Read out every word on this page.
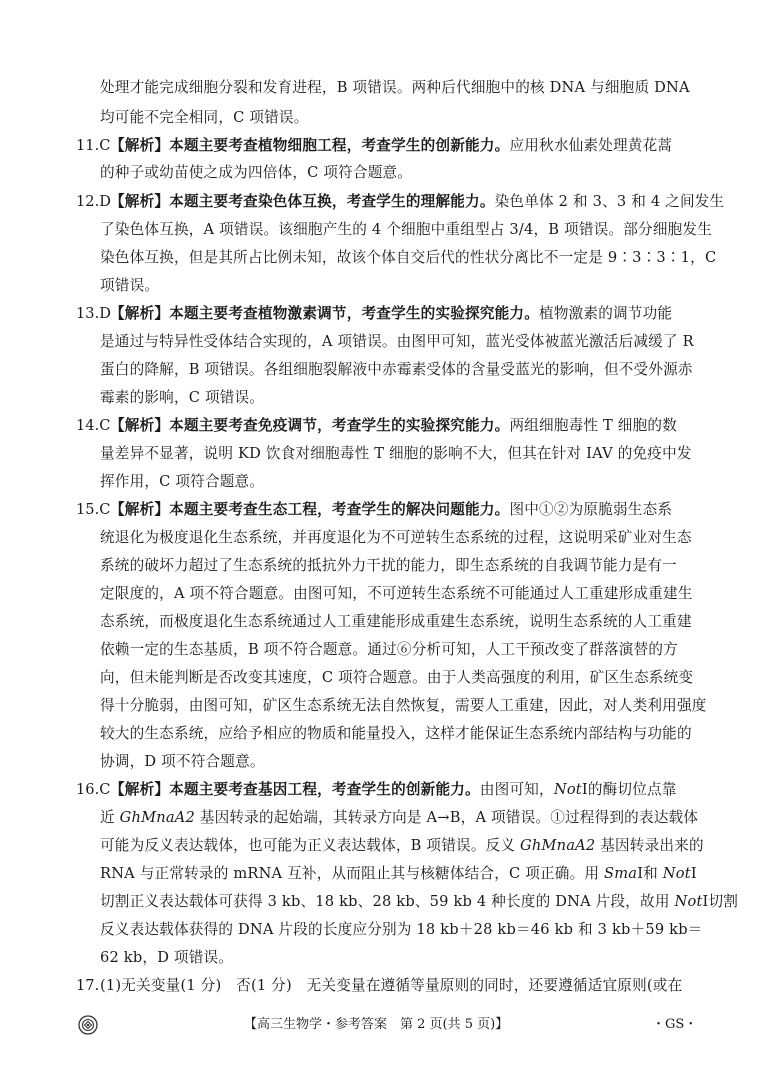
处理才能完成细胞分裂和发育进程，B 项错误。两种后代细胞中的核 DNA 与细胞质 DNA
均可能不完全相同，C 项错误。
11.C 【解析】本题主要考查植物细胞工程，考查学生的创新能力。应用秋水仙素处理黄花蒿
的种子或幼苗使之成为四倍体，C 项符合题意。
12.D 【解析】本题主要考查染色体互换，考查学生的理解能力。染色单体 2 和 3、3 和 4 之间发生
了染色体互换，A 项错误。该细胞产生的 4 个细胞中重组型占 3/4，B 项错误。部分细胞发生
染色体互换，但是其所占比例未知，故该个体自交后代的性状分离比不一定是 9∶3∶3∶1，C
项错误。
13.D 【解析】本题主要考查植物激素调节，考查学生的实验探究能力。植物激素的调节功能
是通过与特异性受体结合实现的，A 项错误。由图甲可知，蓝光受体被蓝光激活后减缓了 R
蛋白的降解，B 项错误。各组细胞裂解液中赤霉素受体的含量受蓝光的影响，但不受外源赤
霉素的影响，C 项错误。
14.C 【解析】本题主要考查免疫调节，考查学生的实验探究能力。两组细胞毒性 T 细胞的数
量差异不显著，说明 KD 饮食对细胞毒性 T 细胞的影响不大，但其在针对 IAV 的免疫中发
挥作用，C 项符合题意。
15.C 【解析】本题主要考查生态工程，考查学生的解决问题能力。图中①②为原脆弱生态系
统退化为极度退化生态系统，并再度退化为不可逆转生态系统的过程，这说明采矿业对生态
系统的破坏力超过了生态系统的抵抗外力干扰的能力，即生态系统的自我调节能力是有一
定限度的，A 项不符合题意。由图可知，不可逆转生态系统不可能通过人工重建形成重建生
态系统，而极度退化生态系统通过人工重建能形成重建生态系统，说明生态系统的人工重建
依赖一定的生态基质，B 项不符合题意。通过⑥分析可知，人工干预改变了群落演替的方
向，但未能判断是否改变其速度，C 项符合题意。由于人类高强度的利用，矿区生态系统变
得十分脆弱，由图可知，矿区生态系统无法自然恢复，需要人工重建，因此，对人类利用强度
较大的生态系统，应给予相应的物质和能量投入，这样才能保证生态系统内部结构与功能的
协调，D 项不符合题意。
16.C 【解析】本题主要考查基因工程，考查学生的创新能力。由图可知，NotⅠ的酶切位点靠
近 GhMnaA2 基因转录的起始端，其转录方向是 A→B，A 项错误。①过程得到的表达载体
可能为反义表达载体，也可能为正义表达载体，B 项错误。反义 GhMnaA2 基因转录出来的
RNA 与正常转录的 mRNA 互补，从而阻止其与核糖体结合，C 项正确。用 SmaⅠ和 NotⅠ
切割正义表达载体可获得 3 kb、18 kb、28 kb、59 kb 4 种长度的 DNA 片段，故用 NotⅠ切割
反义表达载体获得的 DNA 片段的长度应分别为 18 kb＋28 kb＝46 kb 和 3 kb＋59 kb＝
62 kb，D 项错误。
17. (1)无关变量(1 分)　否(1 分)　无关变量在遵循等量原则的同时，还要遵循适宜原则(或在
【高三生物学・参考答案　第 2 页(共 5 页)】	・GS・
